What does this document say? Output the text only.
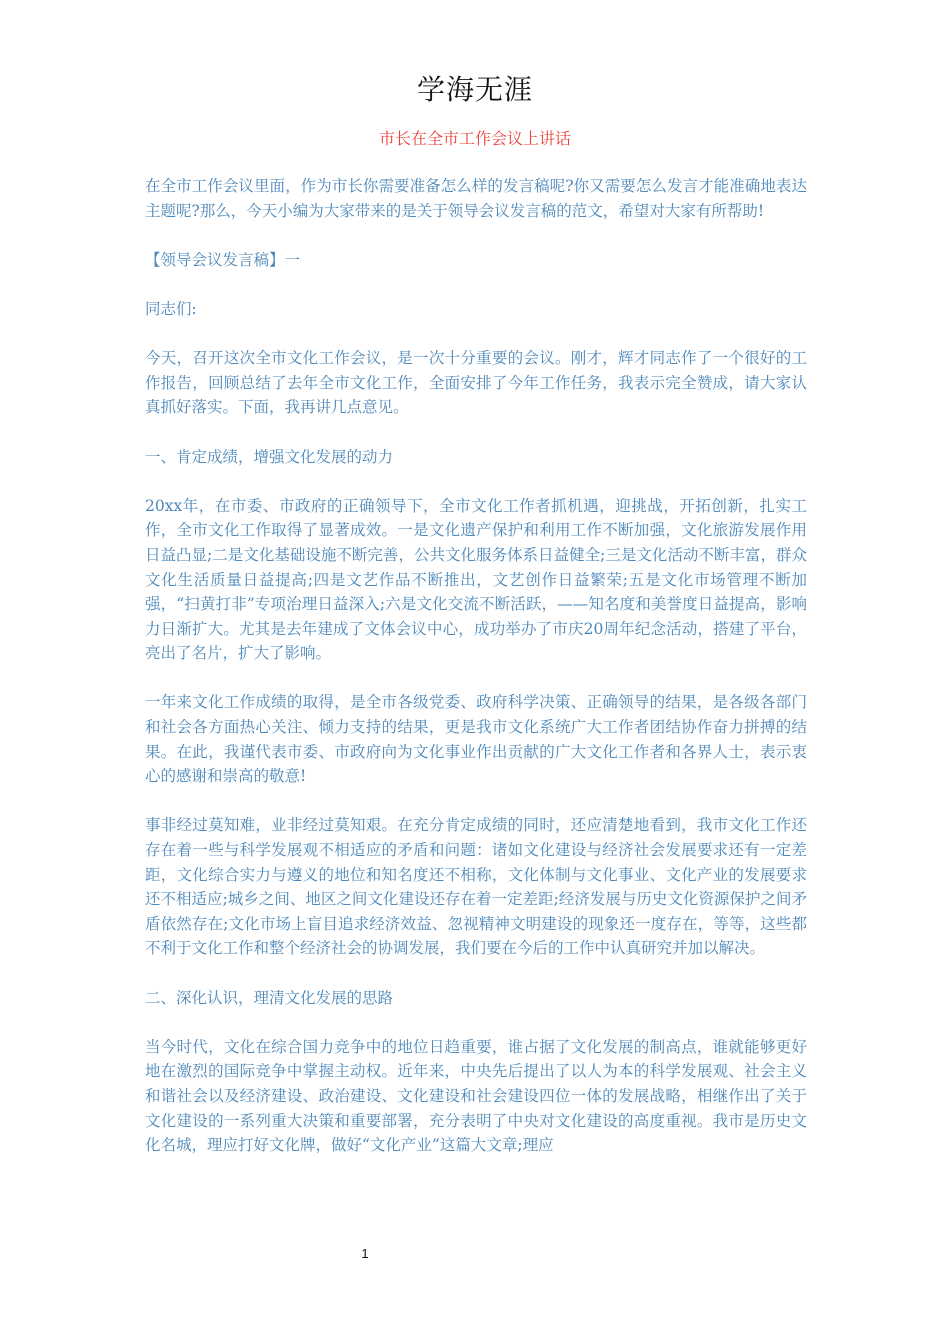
学海无涯
市长在全市工作会议上讲话

在全市工作会议里面，作为市长你需要准备怎么样的发言稿呢?你又需要怎么发言才能准确地表达主题呢?那么，今天小编为大家带来的是关于领导会议发言稿的范文，希望对大家有所帮助!

【领导会议发言稿】一

同志们:

今天，召开这次全市文化工作会议，是一次十分重要的会议。刚才，辉才同志作了一个很好的工作报告，回顾总结了去年全市文化工作，全面安排了今年工作任务，我表示完全赞成，请大家认真抓好落实。下面，我再讲几点意见。

一、肯定成绩，增强文化发展的动力

20xx年，在市委、市政府的正确领导下，全市文化工作者抓机遇，迎挑战，开拓创新，扎实工作，全市文化工作取得了显著成效。一是文化遗产保护和利用工作不断加强，文化旅游发展作用日益凸显;二是文化基础设施不断完善，公共文化服务体系日益健全;三是文化活动不断丰富，群众文化生活质量日益提高;四是文艺作品不断推出，文艺创作日益繁荣;五是文化市场管理不断加强，“扫黄打非”专项治理日益深入;六是文化交流不断活跃，——知名度和美誉度日益提高，影响力日渐扩大。尤其是去年建成了文体会议中心，成功举办了市庆20周年纪念活动，搭建了平台，亮出了名片，扩大了影响。

一年来文化工作成绩的取得，是全市各级党委、政府科学决策、正确领导的结果，是各级各部门和社会各方面热心关注、倾力支持的结果，更是我市文化系统广大工作者团结协作奋力拼搏的结果。在此，我谨代表市委、市政府向为文化事业作出贡献的广大文化工作者和各界人士，表示衷心的感谢和崇高的敬意!

事非经过莫知难，业非经过莫知艰。在充分肯定成绩的同时，还应清楚地看到，我市文化工作还存在着一些与科学发展观不相适应的矛盾和问题：诸如文化建设与经济社会发展要求还有一定差距，文化综合实力与遵义的地位和知名度还不相称，文化体制与文化事业、文化产业的发展要求还不相适应;城乡之间、地区之间文化建设还存在着一定差距;经济发展与历史文化资源保护之间矛盾依然存在;文化市场上盲目追求经济效益、忽视精神文明建设的现象还一度存在，等等，这些都不利于文化工作和整个经济社会的协调发展，我们要在今后的工作中认真研究并加以解决。

二、深化认识，理清文化发展的思路

当今时代，文化在综合国力竞争中的地位日趋重要，谁占据了文化发展的制高点，谁就能够更好地在激烈的国际竞争中掌握主动权。近年来，中央先后提出了以人为本的科学发展观、社会主义和谐社会以及经济建设、政治建设、文化建设和社会建设四位一体的发展战略，相继作出了关于文化建设的一系列重大决策和重要部署，充分表明了中央对文化建设的高度重视。我市是历史文化名城，理应打好文化牌，做好“文化产业”这篇大文章;理应

1
